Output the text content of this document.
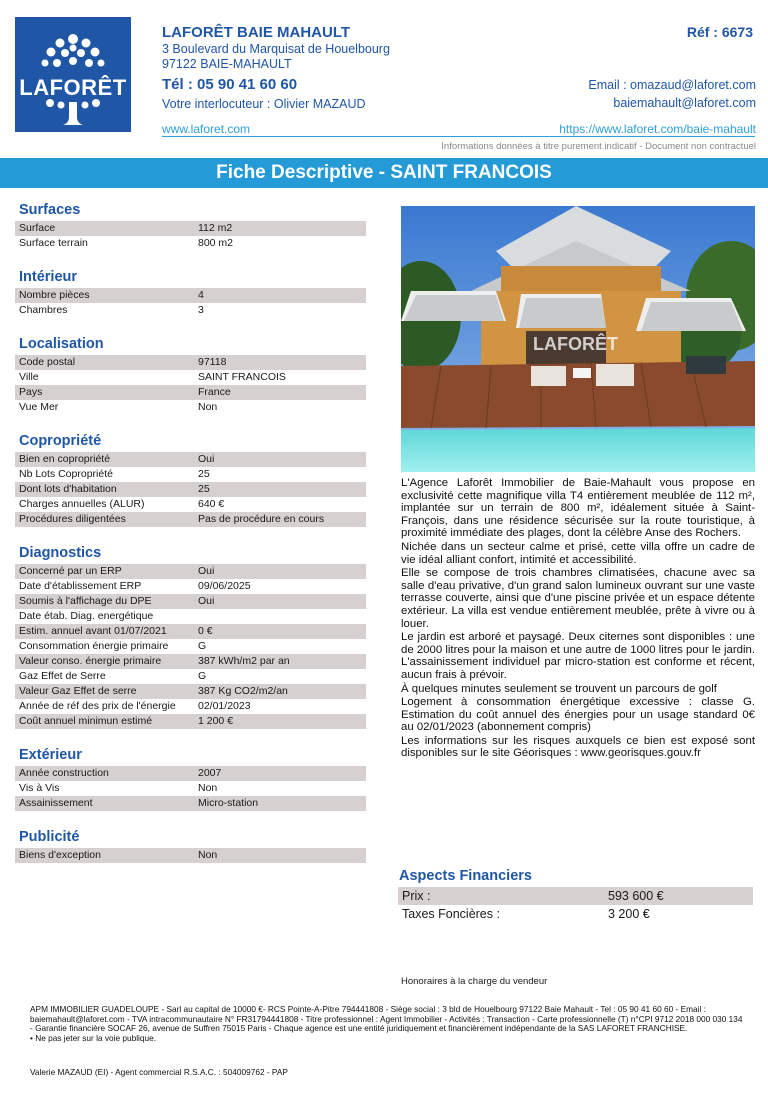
LAFORÊT
LAFORÊT BAIE MAHAULT
3 Boulevard du Marquisat de Houelbourg
97122 BAIE-MAHAULT
Tél : 05 90 41 60 60
Votre interlocuteur : Olivier MAZAUD
Réf : 6673
Email : omazaud@laforet.com
baiemahault@laforet.com
www.laforet.com	https://www.laforet.com/baie-mahault
Informations données à titre purement indicatif - Document non contractuel
Fiche Descriptive - SAINT FRANCOIS
Surfaces
Surface	112 m2
Surface terrain	800 m2
Intérieur
Nombre pièces	4
Chambres	3
Localisation
Code postal	97118
Ville	SAINT FRANCOIS
Pays	France
Vue Mer	Non
Copropriété
Bien en copropriété	Oui
Nb Lots Copropriété	25
Dont lots d'habitation	25
Charges annuelles (ALUR)	640 €
Procédures diligentées	Pas de procédure en cours
Diagnostics
Concerné par un ERP	Oui
Date d'établissement ERP	09/06/2025
Soumis à l'affichage du DPE	Oui
Date étab. Diag. energétique
Estim. annuel avant 01/07/2021	0 €
Consommation énergie primaire	G
Valeur conso. énergie primaire	387 kWh/m2 par an
Gaz Effet de Serre	G
Valeur Gaz Effet de serre	387 Kg CO2/m2/an
Année de réf des prix de l'énergie 02/01/2023
Coût annuel minimun estimé	1 200 €
Extérieur
Année construction	2007
Vis à Vis	Non
Assainissement	Micro-station
Publicité
Biens d'exception	Non
LAFORÊT

L'Agence Laforêt Immobilier de Baie-Mahault vous propose en exclusivité cette magnifique villa T4 entièrement meublée de 112 m², implantée sur un terrain de 800 m², idéalement située à Saint-François, dans une résidence sécurisée sur la route touristique, à proximité immédiate des plages, dont la célèbre Anse des Rochers.

Nichée dans un secteur calme et prisé, cette villa offre un cadre de vie idéal alliant confort, intimité et accessibilité.

Elle se compose de trois chambres climatisées, chacune avec sa salle d'eau privative, d'un grand salon lumineux ouvrant sur une vaste terrasse couverte, ainsi que d'une piscine privée et un espace détente extérieur. La villa est vendue entièrement meublée, prête à vivre ou à louer.

Le jardin est arboré et paysagé. Deux citernes sont disponibles : une de 2000 litres pour la maison et une autre de 1000 litres pour le jardin. L'assainissement individuel par micro-station est conforme et récent, aucun frais à prévoir.

À quelques minutes seulement se trouvent un parcours de golf

Logement à consommation énergétique excessive : classe G. Estimation du coût annuel des énergies pour un usage standard 0€ au 02/01/2023 (abonnement compris)

Les informations sur les risques auxquels ce bien est exposé sont disponibles sur le site Géorisques : www.georisques.gouv.fr

Aspects Financiers
Prix :	593 600 €
Taxes Foncières :	3 200 €
Honoraires à la charge du vendeur
APM IMMOBILIER GUADELOUPE - Sarl au capital de 10000 €- RCS Pointe-A-Pitre 794441808 - Siège social : 3 bld de Houelbourg 97122 Baie Mahault - Tel : 05 90 41 60 60 - Email : baiemahault@laforet.com - TVA intracommunautaire N° FR31794441808 - Titre professionnel : Agent Immobilier - Activités : Transaction - Carte professionnelle (T) n°CPI 9712 2018 000 030 134 - Garantie financière SOCAF 26, avenue de Suffren 75015 Paris - Chaque agence est une entité juridiquement et financièrement indépendante de la SAS LAFORET FRANCHISE.
• Ne pas jeter sur la voie publique.
Valerie MAZAUD (EI) - Agent commercial R.S.A.C. : 504009762 - PAP
